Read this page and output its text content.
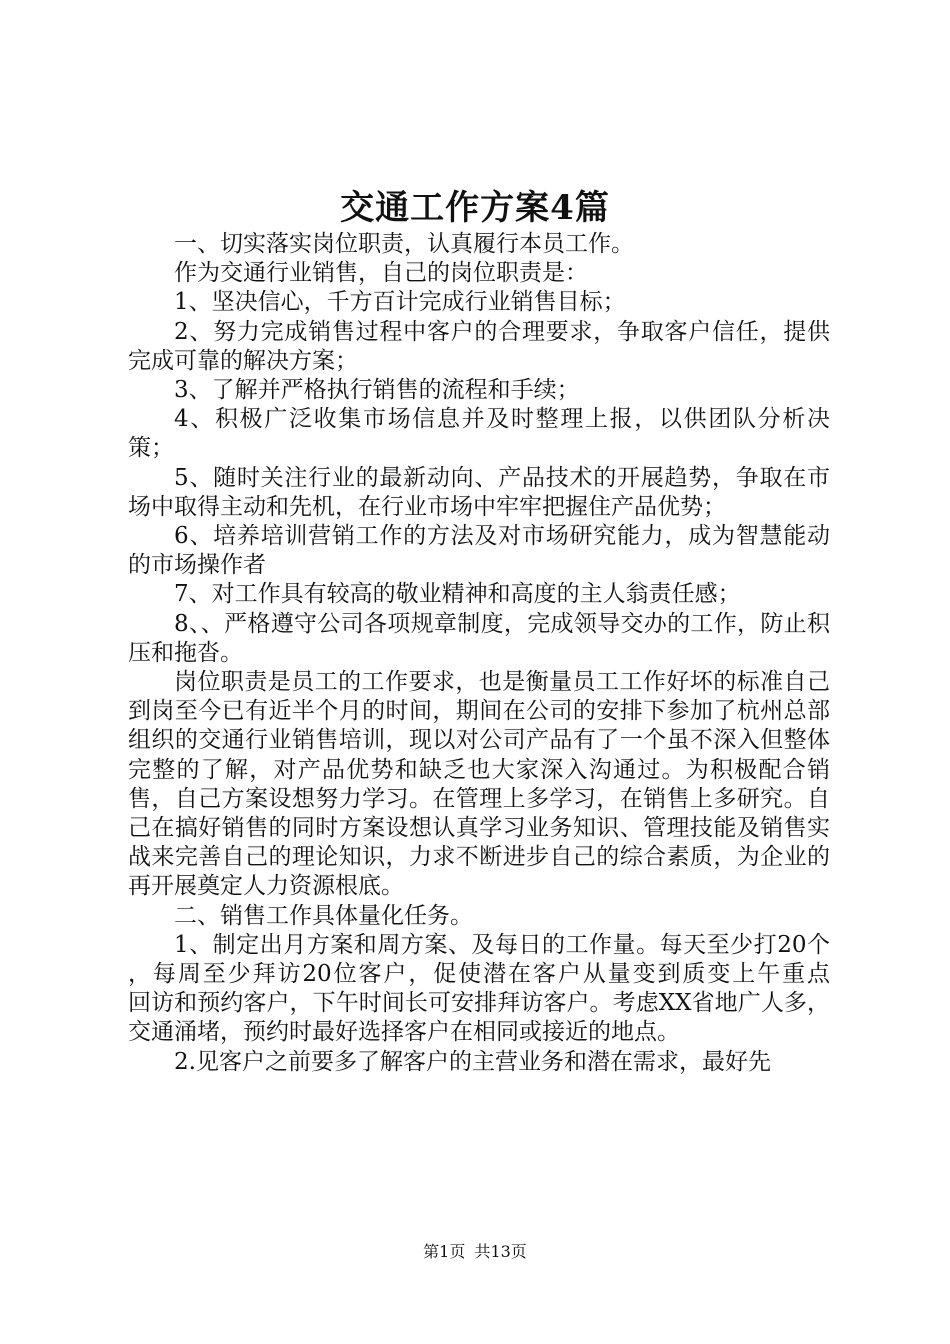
交通工作方案4篇

一、切实落实岗位职责，认真履行本员工作。

作为交通行业销售，自己的岗位职责是：

1、坚决信心，千方百计完成行业销售目标；

2、努力完成销售过程中客户的合理要求，争取客户信任，提供完成可靠的解决方案；

3、了解并严格执行销售的流程和手续；

4、积极广泛收集市场信息并及时整理上报，以供团队分析决策；

5、随时关注行业的最新动向、产品技术的开展趋势，争取在市场中取得主动和先机，在行业市场中牢牢把握住产品优势；

6、培养培训营销工作的方法及对市场研究能力，成为智慧能动的市场操作者

7、对工作具有较高的敬业精神和高度的主人翁责任感；

8、、严格遵守公司各项规章制度，完成领导交办的工作，防止积压和拖沓。

岗位职责是员工的工作要求，也是衡量员工工作好坏的标准自己到岗至今已有近半个月的时间，期间在公司的安排下参加了杭州总部组织的交通行业销售培训，现以对公司产品有了一个虽不深入但整体完整的了解，对产品优势和缺乏也大家深入沟通过。为积极配合销售，自己方案设想努力学习。在管理上多学习，在销售上多研究。自己在搞好销售的同时方案设想认真学习业务知识、管理技能及销售实战来完善自己的理论知识，力求不断进步自己的综合素质，为企业的再开展奠定人力资源根底。

二、销售工作具体量化任务。

1、制定出月方案和周方案、及每日的工作量。每天至少打20个    ，每周至少拜访20位客户，促使潜在客户从量变到质变上午重点    回访和预约客户，下午时间长可安排拜访客户。考虑XX省地广人多，交通涌堵，预约时最好选择客户在相同或接近的地点。

2.见客户之前要多了解客户的主营业务和潜在需求，最好先

第1页 共13页
